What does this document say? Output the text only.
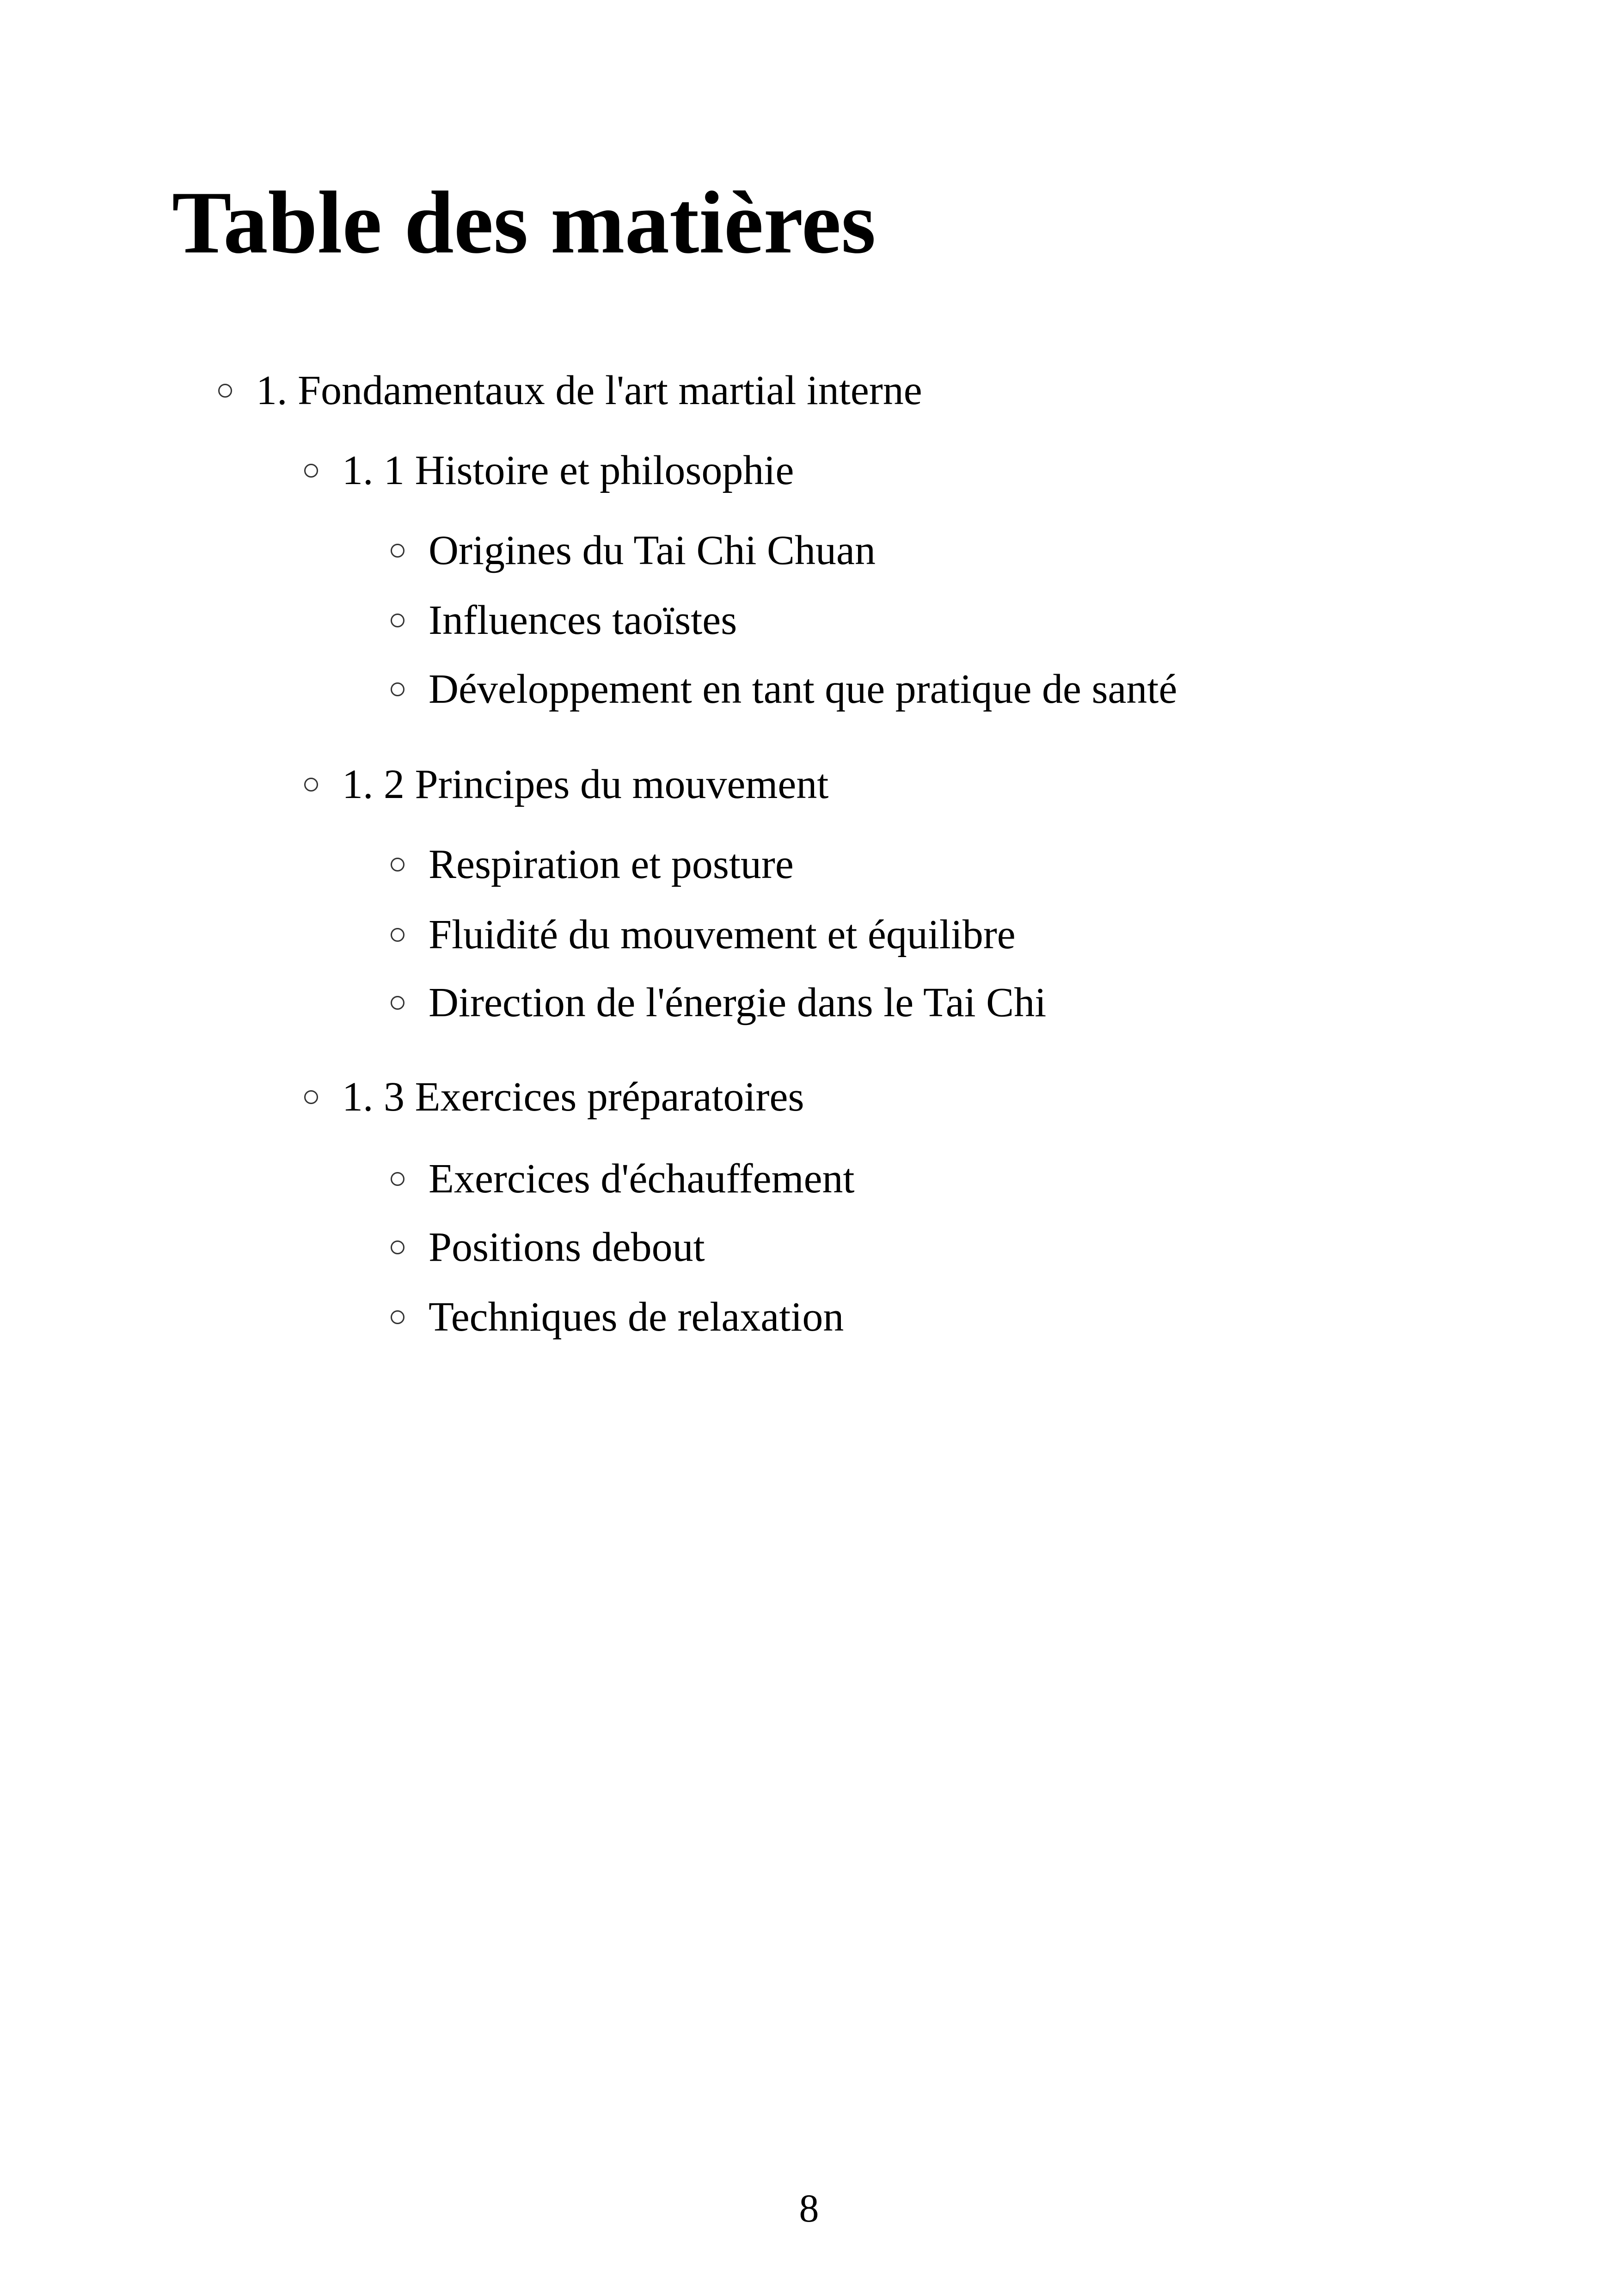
Table des matières
1. Fondamentaux de l'art martial interne
1. 1 Histoire et philosophie
Origines du Tai Chi Chuan
Influences taoïstes
Développement en tant que pratique de santé
1. 2 Principes du mouvement
Respiration et posture
Fluidité du mouvement et équilibre
Direction de l'énergie dans le Tai Chi
1. 3 Exercices préparatoires
Exercices d'échauffement
Positions debout
Techniques de relaxation
8
